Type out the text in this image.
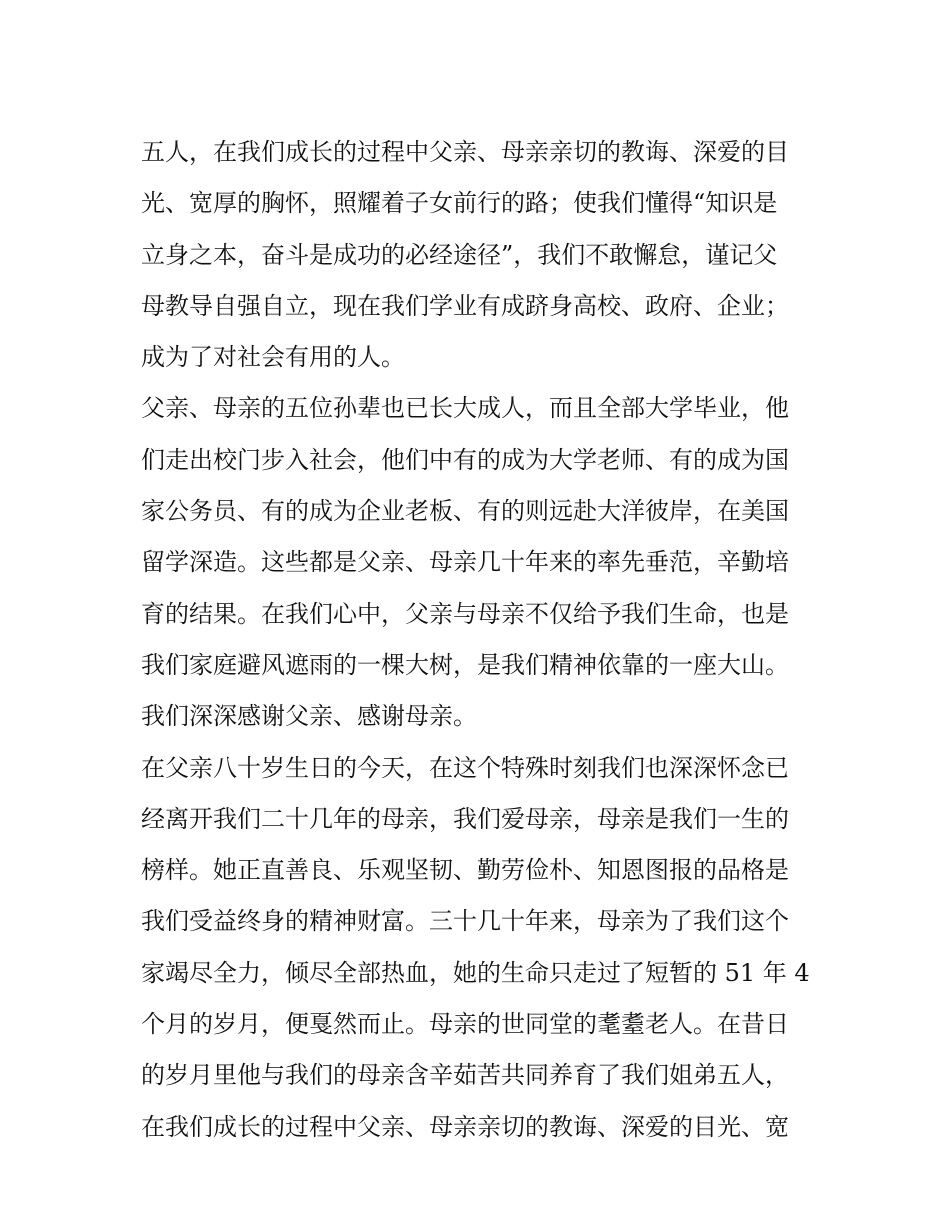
五人，在我们成长的过程中父亲、母亲亲切的教诲、深爱的目
光、宽厚的胸怀，照耀着子女前行的路；使我们懂得“知识是
立身之本，奋斗是成功的必经途径”，我们不敢懈怠，谨记父
母教导自强自立，现在我们学业有成跻身高校、政府、企业；
成为了对社会有用的人。
父亲、母亲的五位孙辈也已长大成人，而且全部大学毕业，他
们走出校门步入社会，他们中有的成为大学老师、有的成为国
家公务员、有的成为企业老板、有的则远赴大洋彼岸，在美国
留学深造。这些都是父亲、母亲几十年来的率先垂范，辛勤培
育的结果。在我们心中，父亲与母亲不仅给予我们生命，也是
我们家庭避风遮雨的一棵大树，是我们精神依靠的一座大山。
我们深深感谢父亲、感谢母亲。
在父亲八十岁生日的今天，在这个特殊时刻我们也深深怀念已
经离开我们二十几年的母亲，我们爱母亲，母亲是我们一生的
榜样。她正直善良、乐观坚韧、勤劳俭朴、知恩图报的品格是
我们受益终身的精神财富。三十几十年来，母亲为了我们这个
家竭尽全力，倾尽全部热血，她的生命只走过了短暂的 51 年 4
个月的岁月，便戛然而止。母亲的世同堂的耄耋老人。在昔日
的岁月里他与我们的母亲含辛茹苦共同养育了我们姐弟五人，
在我们成长的过程中父亲、母亲亲切的教诲、深爱的目光、宽
